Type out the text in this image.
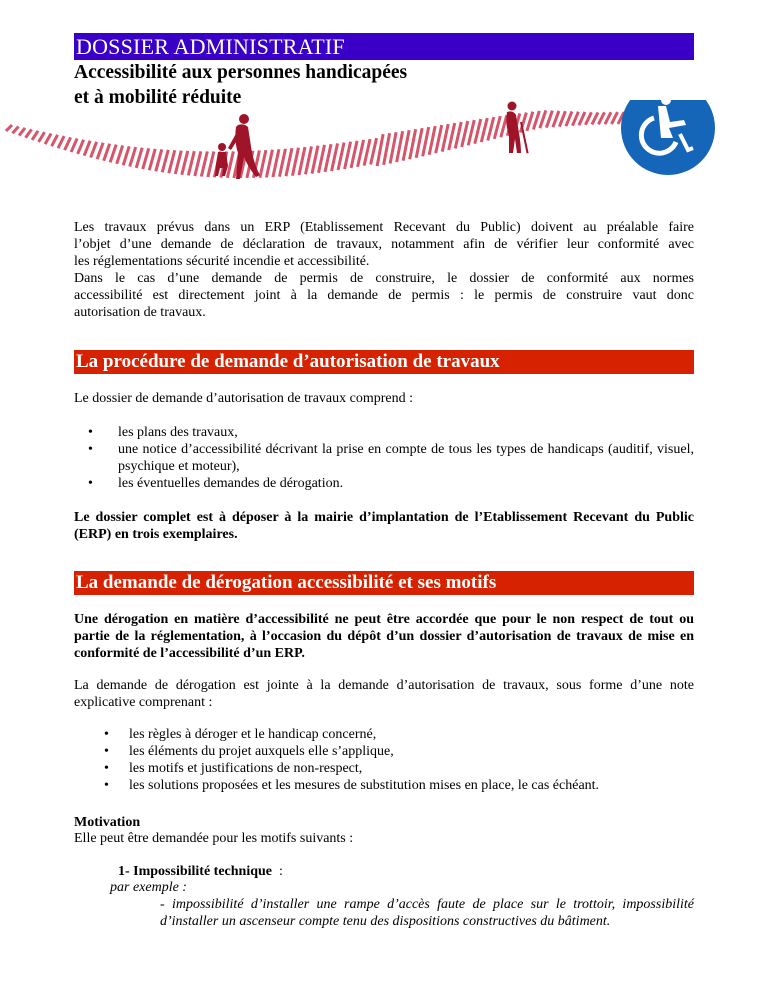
DOSSIER ADMINISTRATIF
Accessibilité aux personnes handicapées
et à mobilité réduite
Les travaux prévus dans un ERP (Etablissement Recevant du Public) doivent au préalable faire
l’objet d’une demande de déclaration de travaux, notamment afin de vérifier leur conformité avec
les réglementations sécurité incendie et accessibilité.
Dans le cas d’une demande de permis de construire, le dossier de conformité aux normes
accessibilité est directement joint à la demande de permis : le permis de construire vaut donc
autorisation de travaux.
La procédure de demande d’autorisation de travaux

Le dossier de demande d’autorisation de travaux comprend :

• les plans des travaux,
• une notice d’accessibilité décrivant la prise en compte de tous les types de handicaps (auditif, visuel, psychique et moteur),
• les éventuelles demandes de dérogation.

Le dossier complet est à déposer à la mairie d’implantation de l’Etablissement Recevant du Public (ERP) en trois exemplaires.

La demande de dérogation accessibilité et ses motifs

Une dérogation en matière d’accessibilité ne peut être accordée que pour le non respect de tout ou partie de la réglementation, à l’occasion du dépôt d’un dossier d’autorisation de travaux de mise en conformité de l’accessibilité d’un ERP.

La demande de dérogation est jointe à la demande d’autorisation de travaux, sous forme d’une note explicative comprenant :

• les règles à déroger et le handicap concerné,
• les éléments du projet auxquels elle s’applique,
• les motifs et justifications de non-respect,
• les solutions proposées et les mesures de substitution mises en place, le cas échéant.

Motivation

Elle peut être demandée pour les motifs suivants :

1- Impossibilité technique  :

par exemple :

- impossibilité d’installer une rampe d’accès faute de place sur le trottoir, impossibilité d’installer un ascenseur compte tenu des dispositions constructives du bâtiment.
